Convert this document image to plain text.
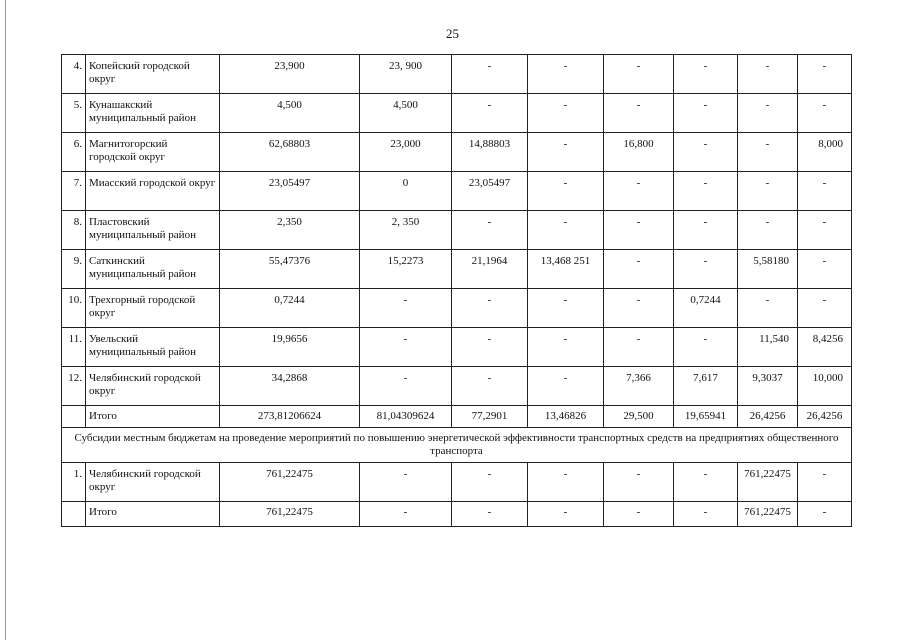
25
4.	Копейский городской округ	23,900	23, 900	-	-	-	-	-	-
5.	Кунашакский муниципальный район	4,500	4,500	-	-	-	-	-	-
6.	Магнитогорский городской округ	62,68803	23,000	14,88803	-	16,800	-	-	8,000
7.	Миасский городской округ	23,05497	0	23,05497	-	-	-	-	-
8.	Пластовский муниципальный район	2,350	2, 350	-	-	-	-	-	-
9.	Саткинский муниципальный район	55,47376	15,2273	21,1964	13,468 251	-	-	5,58180	-
10.	Трехгорный городской округ	0,7244	-	-	-	-	0,7244	-	-
11.	Увельский муниципальный район	19,9656	-	-	-	-	-	11,540	8,4256
12.	Челябинский городской округ	34,2868	-	-	-	7,366	7,617	9,3037	10,000
	Итого	273,81206624	81,04309624	77,2901	13,46826	29,500	19,65941	26,4256	26,4256
Субсидии местным бюджетам на проведение мероприятий по повышению энергетической эффективности транспортных средств на предприятиях общественного транспорта									
1.	Челябинский городской округ	761,22475	-	-	-	-	-	761,22475	-
	Итого	761,22475	-	-	-	-	-	761,22475	-
